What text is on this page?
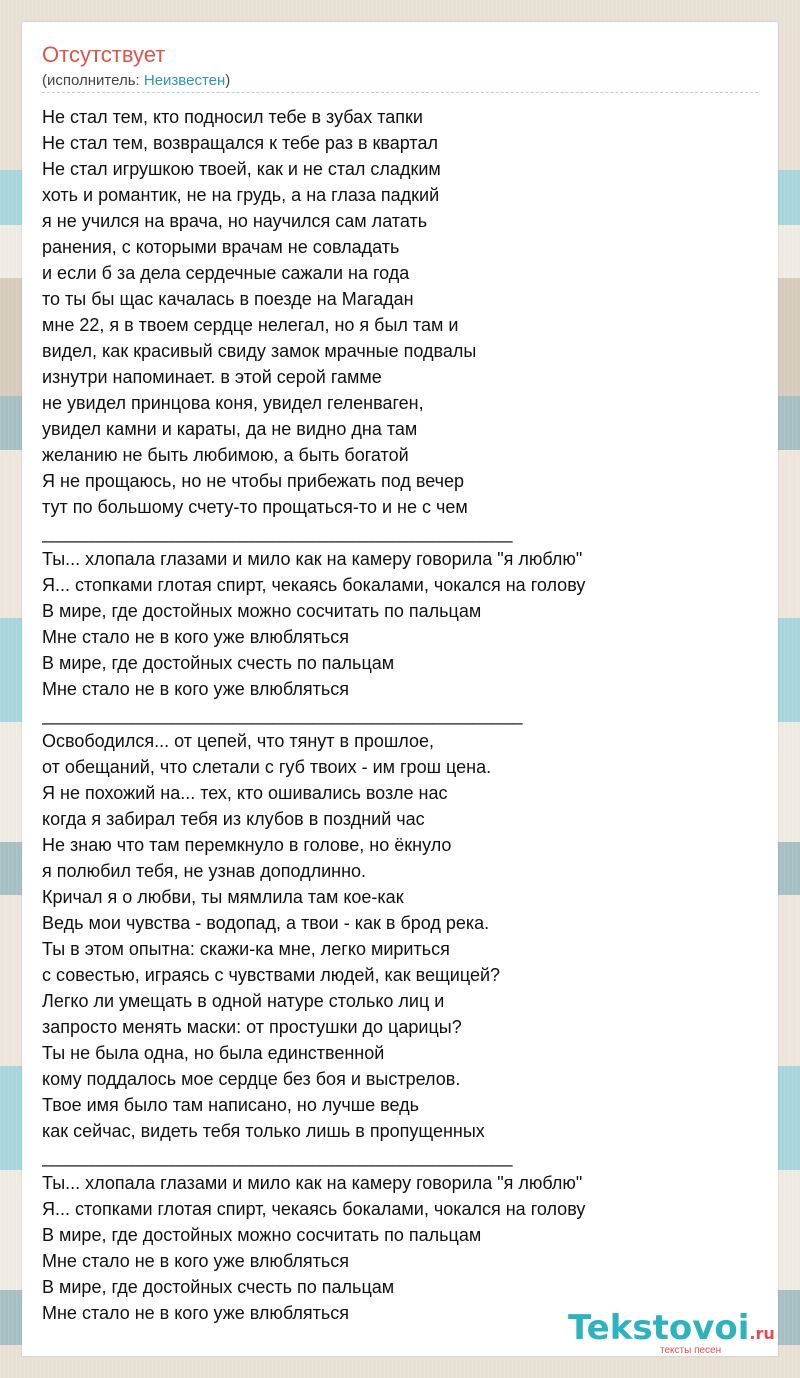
Отсутствует
(исполнитель: Неизвестен)
Не стал тем, кто подносил тебе в зубах тапки
Не стал тем, возвращался к тебе раз в квартал
Не стал игрушкою твоей, как и не стал сладким
хоть и романтик, не на грудь, а на глаза падкий
я не учился на врача, но научился сам латать
ранения, с которыми врачам не совладать
и если б за дела сердечные сажали на года
то ты бы щас качалась в поезде на Магадан
мне 22, я в твоем сердце нелегал, но я был там и
видел, как красивый свиду замок мрачные подвалы
изнутри напоминает. в этой серой гамме
не увидел принцова коня, увидел геленваген,
увидел камни и караты, да не видно дна там
желанию не быть любимою, а быть богатой
Я не прощаюсь, но не чтобы прибежать под вечер
тут по большому счету-то прощаться-то и не с чем
_______________________________________________
Ты... хлопала глазами и мило как на камеру говорила "я люблю"
Я... стопками глотая спирт, чекаясь бокалами, чокался на голову
В мире, где достойных можно сосчитать по пальцам
Мне стало не в кого уже влюбляться
В мире, где достойных счесть по пальцам
Мне стало не в кого уже влюбляться
________________________________________________
Освободился... от цепей, что тянут в прошлое,
от обещаний, что слетали с губ твоих - им грош цена.
Я не похожий на... тех, кто ошивались возле нас
когда я забирал тебя из клубов в поздний час
Не знаю что там перемкнуло в голове, но ёкнуло
я полюбил тебя, не узнав доподлинно.
Кричал я о любви, ты мямлила там кое-как
Ведь мои чувства - водопад, а твои - как в брод река.
Ты в этом опытна: скажи-ка мне, легко мириться
с совестью, играясь с чувствами людей, как вещицей?
Легко ли умещать в одной натуре столько лиц и
запросто менять маски: от простушки до царицы?
Ты не была одна, но была единственной
кому поддалось мое сердце без боя и выстрелов.
Твое имя было там написано, но лучше ведь
как сейчас, видеть тебя только лишь в пропущенных
_______________________________________________
Ты... хлопала глазами и мило как на камеру говорила "я люблю"
Я... стопками глотая спирт, чекаясь бокалами, чокался на голову
В мире, где достойных можно сосчитать по пальцам
Мне стало не в кого уже влюбляться
В мире, где достойных счесть по пальцам
Мне стало не в кого уже влюбляться	Tekstovoi.ru
тексты песен
